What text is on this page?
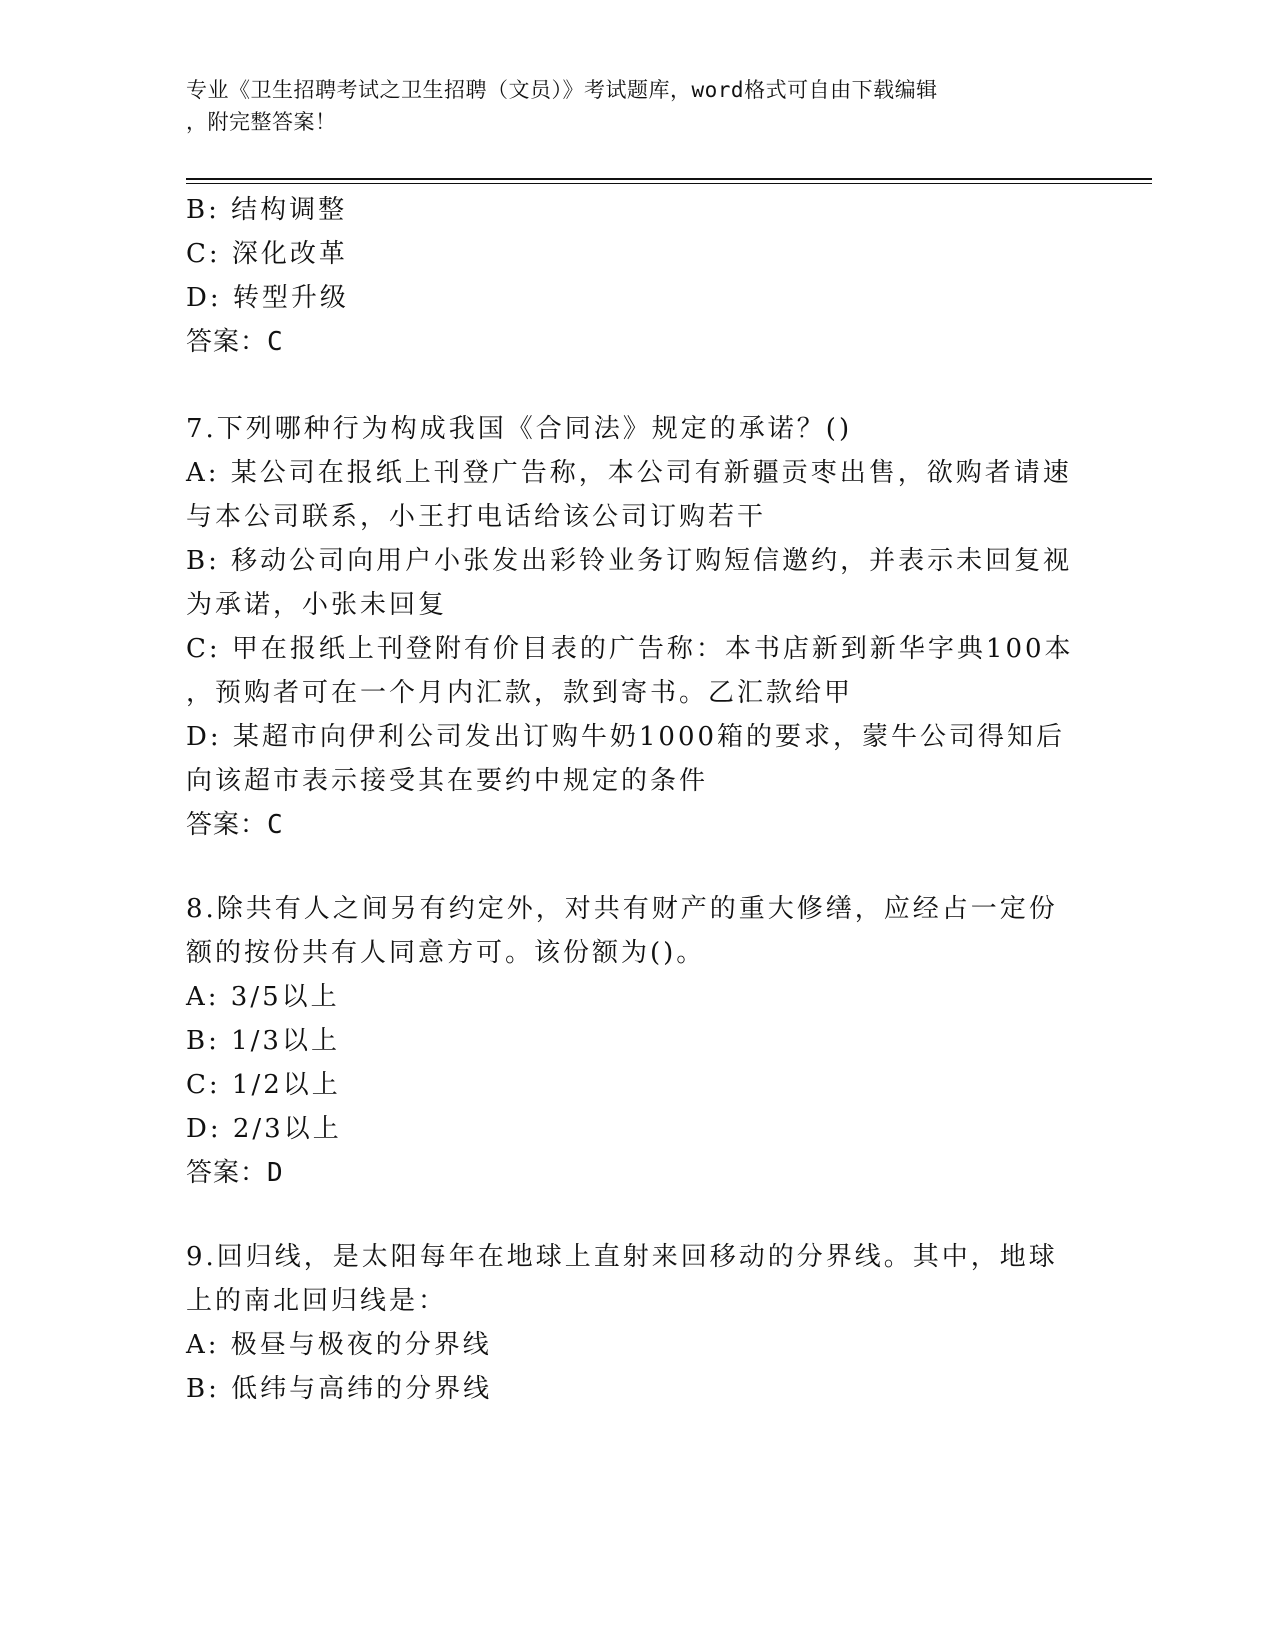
专业《卫生招聘考试之卫生招聘（文员）》考试题库，word格式可自由下载编辑
，附完整答案！
B: 结构调整
C: 深化改革
D: 转型升级
答案：C
7.下列哪种行为构成我国《合同法》规定的承诺？()
A: 某公司在报纸上刊登广告称，本公司有新疆贡枣出售，欲购者请速
与本公司联系，小王打电话给该公司订购若干
B: 移动公司向用户小张发出彩铃业务订购短信邀约，并表示未回复视
为承诺，小张未回复
C: 甲在报纸上刊登附有价目表的广告称：本书店新到新华字典100本
，预购者可在一个月内汇款，款到寄书。乙汇款给甲
D: 某超市向伊利公司发出订购牛奶1000箱的要求，蒙牛公司得知后
向该超市表示接受其在要约中规定的条件
答案：C
8.除共有人之间另有约定外，对共有财产的重大修缮，应经占一定份
额的按份共有人同意方可。该份额为()。
A: 3/5以上
B: 1/3以上
C: 1/2以上
D: 2/3以上
答案：D
9.回归线，是太阳每年在地球上直射来回移动的分界线。其中，地球
上的南北回归线是：
A: 极昼与极夜的分界线
B: 低纬与高纬的分界线
